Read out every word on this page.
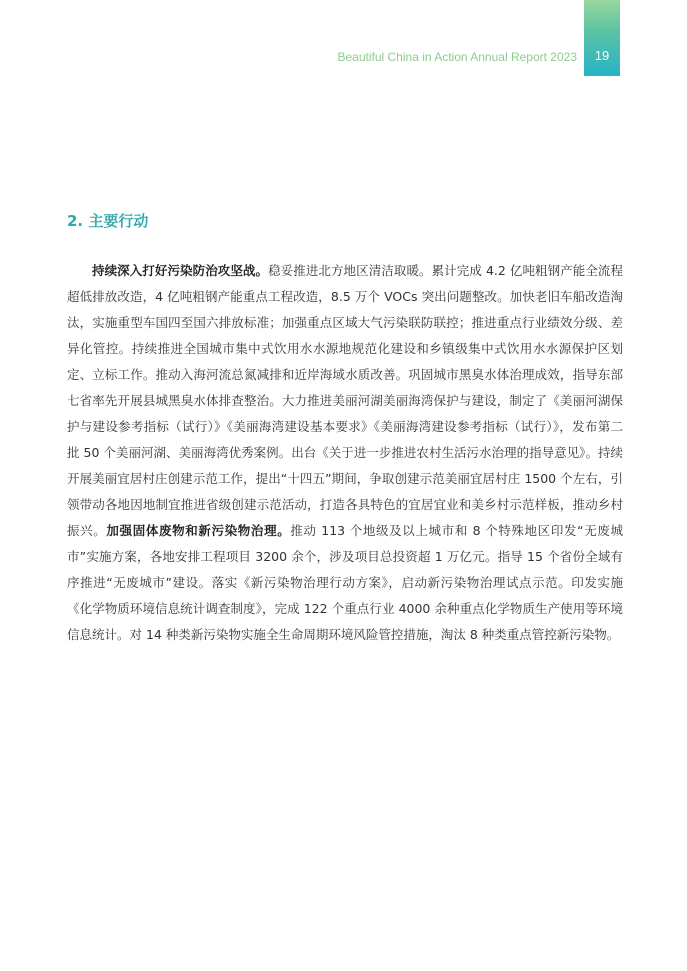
Beautiful China in Action Annual Report 2023	19
2. 主要行动

持续深入打好污染防治攻坚战。稳妥推进北方地区清洁取暖。累计完成 4.2 亿吨粗钢产能全流程超低排放改造，4 亿吨粗钢产能重点工程改造，8.5 万个 VOCs 突出问题整改。加快老旧车船改造淘汰，实施重型车国四至国六排放标准；加强重点区域大气污染联防联控；推进重点行业绩效分级、差异化管控。持续推进全国城市集中式饮用水水源地规范化建设和乡镇级集中式饮用水水源保护区划定、立标工作。推动入海河流总氮减排和近岸海域水质改善。巩固城市黑臭水体治理成效，指导东部七省率先开展县城黑臭水体排查整治。大力推进美丽河湖美丽海湾保护与建设，制定了《美丽河湖保护与建设参考指标（试行）》《美丽海湾建设基本要求》《美丽海湾建设参考指标（试行）》，发布第二批 50 个美丽河湖、美丽海湾优秀案例。出台《关于进一步推进农村生活污水治理的指导意见》。持续开展美丽宜居村庄创建示范工作，提出“十四五”期间，争取创建示范美丽宜居村庄 1500 个左右，引领带动各地因地制宜推进省级创建示范活动，打造各具特色的宜居宜业和美乡村示范样板，推动乡村振兴。加强固体废物和新污染物治理。推动 113 个地级及以上城市和 8 个特殊地区印发“无废城市”实施方案，各地安排工程项目 3200 余个，涉及项目总投资超 1 万亿元。指导 15 个省份全域有序推进“无废城市”建设。落实《新污染物治理行动方案》，启动新污染物治理试点示范。印发实施《化学物质环境信息统计调查制度》，完成 122 个重点行业 4000 余种重点化学物质生产使用等环境信息统计。对 14 种类新污染物实施全生命周期环境风险管控措施，淘汰 8 种类重点管控新污染物。
